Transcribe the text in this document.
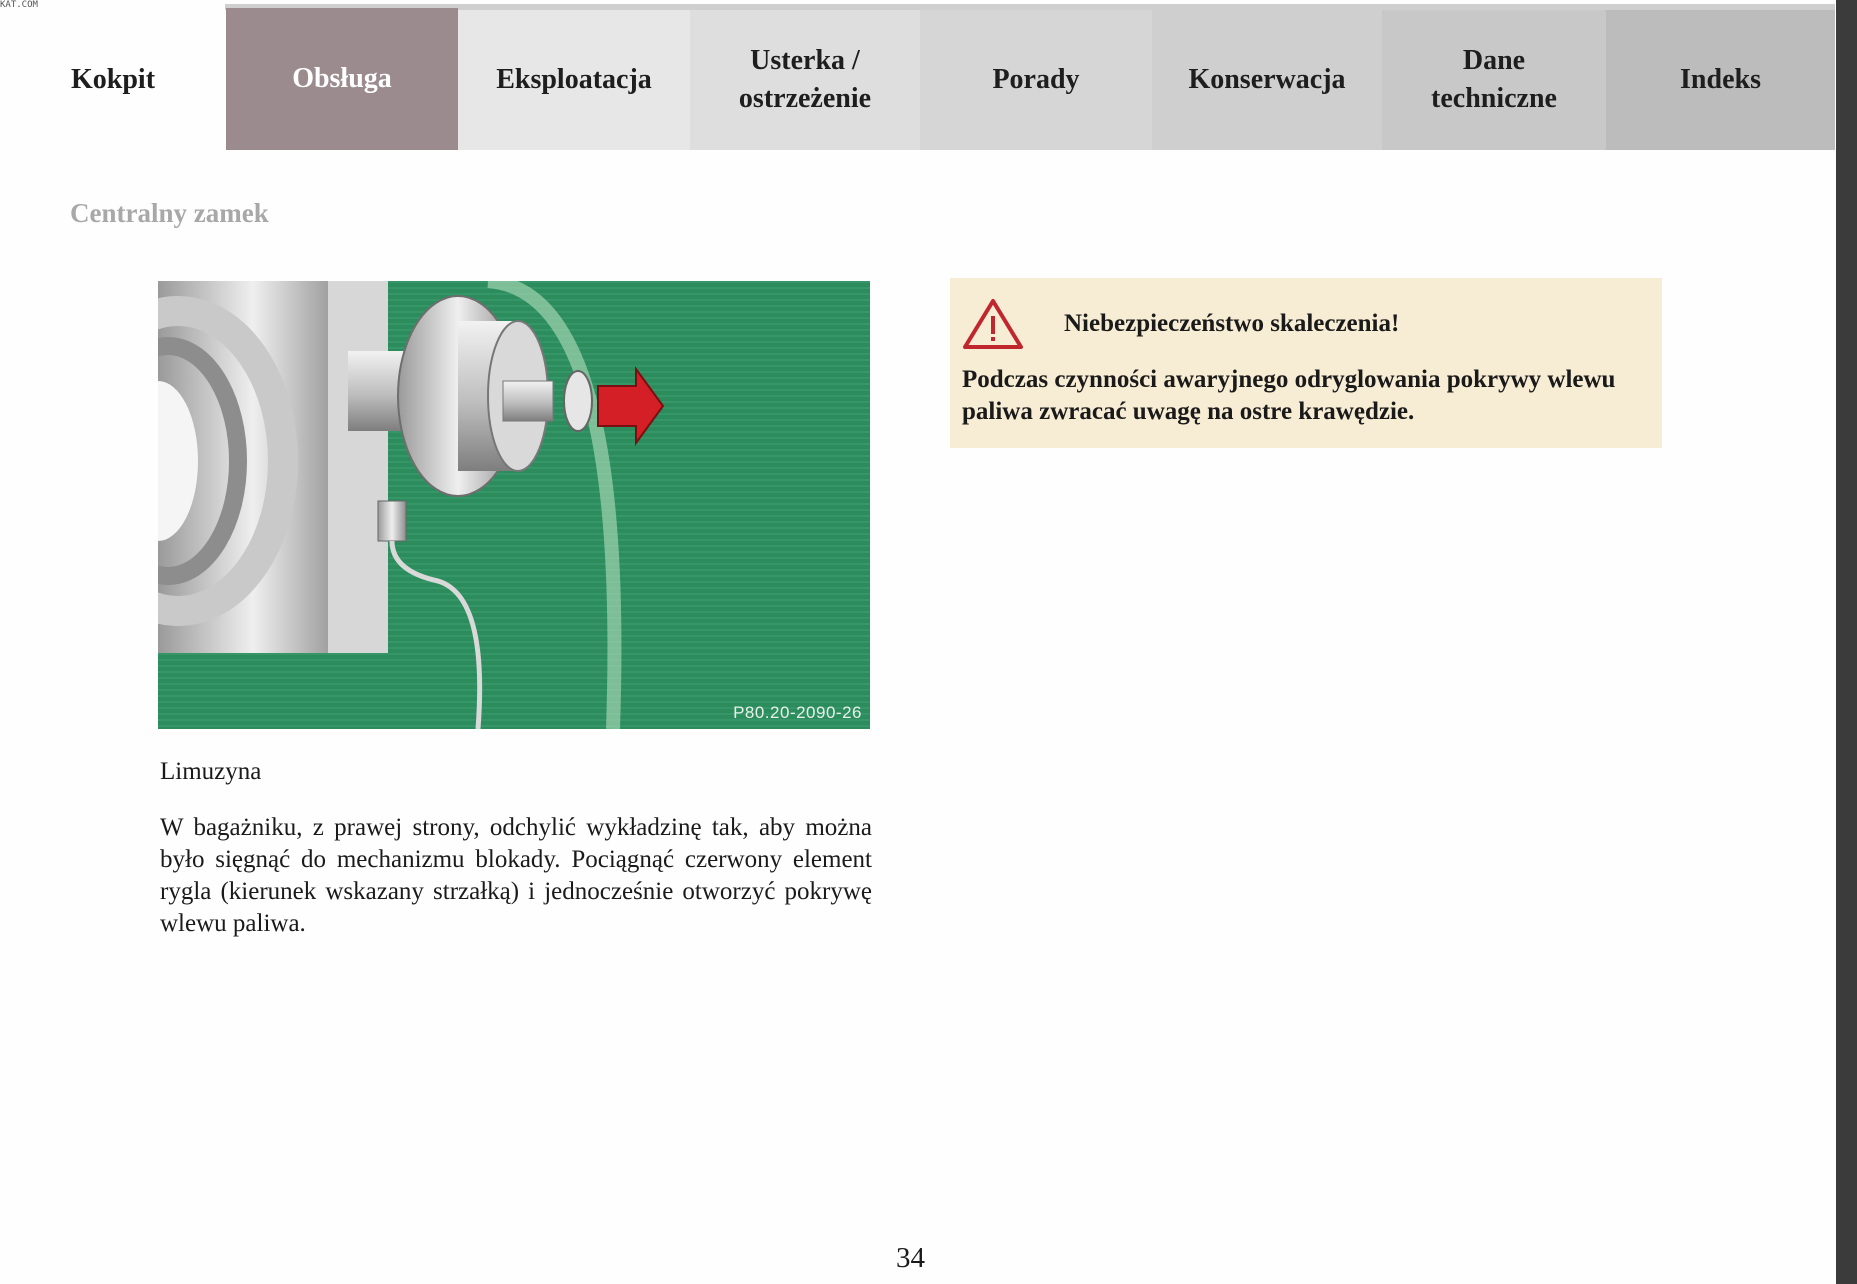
KAT.COM
Kokpit	Obsługa	Eksploatacja
Usterka / ostrzeżenie
Porady	Konserwacja
Dane techniczne
Indeks
Centralny zamek
P80.20-2090-26
Limuzyna
W bagażniku, z prawej strony, odchylić wykładzinę tak, aby można było sięgnąć do mechanizmu blokady. Pociągnąć czerwony element rygla (kierunek wskazany strzałką) i jednocześnie otworzyć pokrywę wlewu paliwa.
Niebezpieczeństwo skaleczenia!
Podczas czynności awaryjnego odryglowania pokrywy wlewu paliwa zwracać uwagę na ostre krawędzie.
34
